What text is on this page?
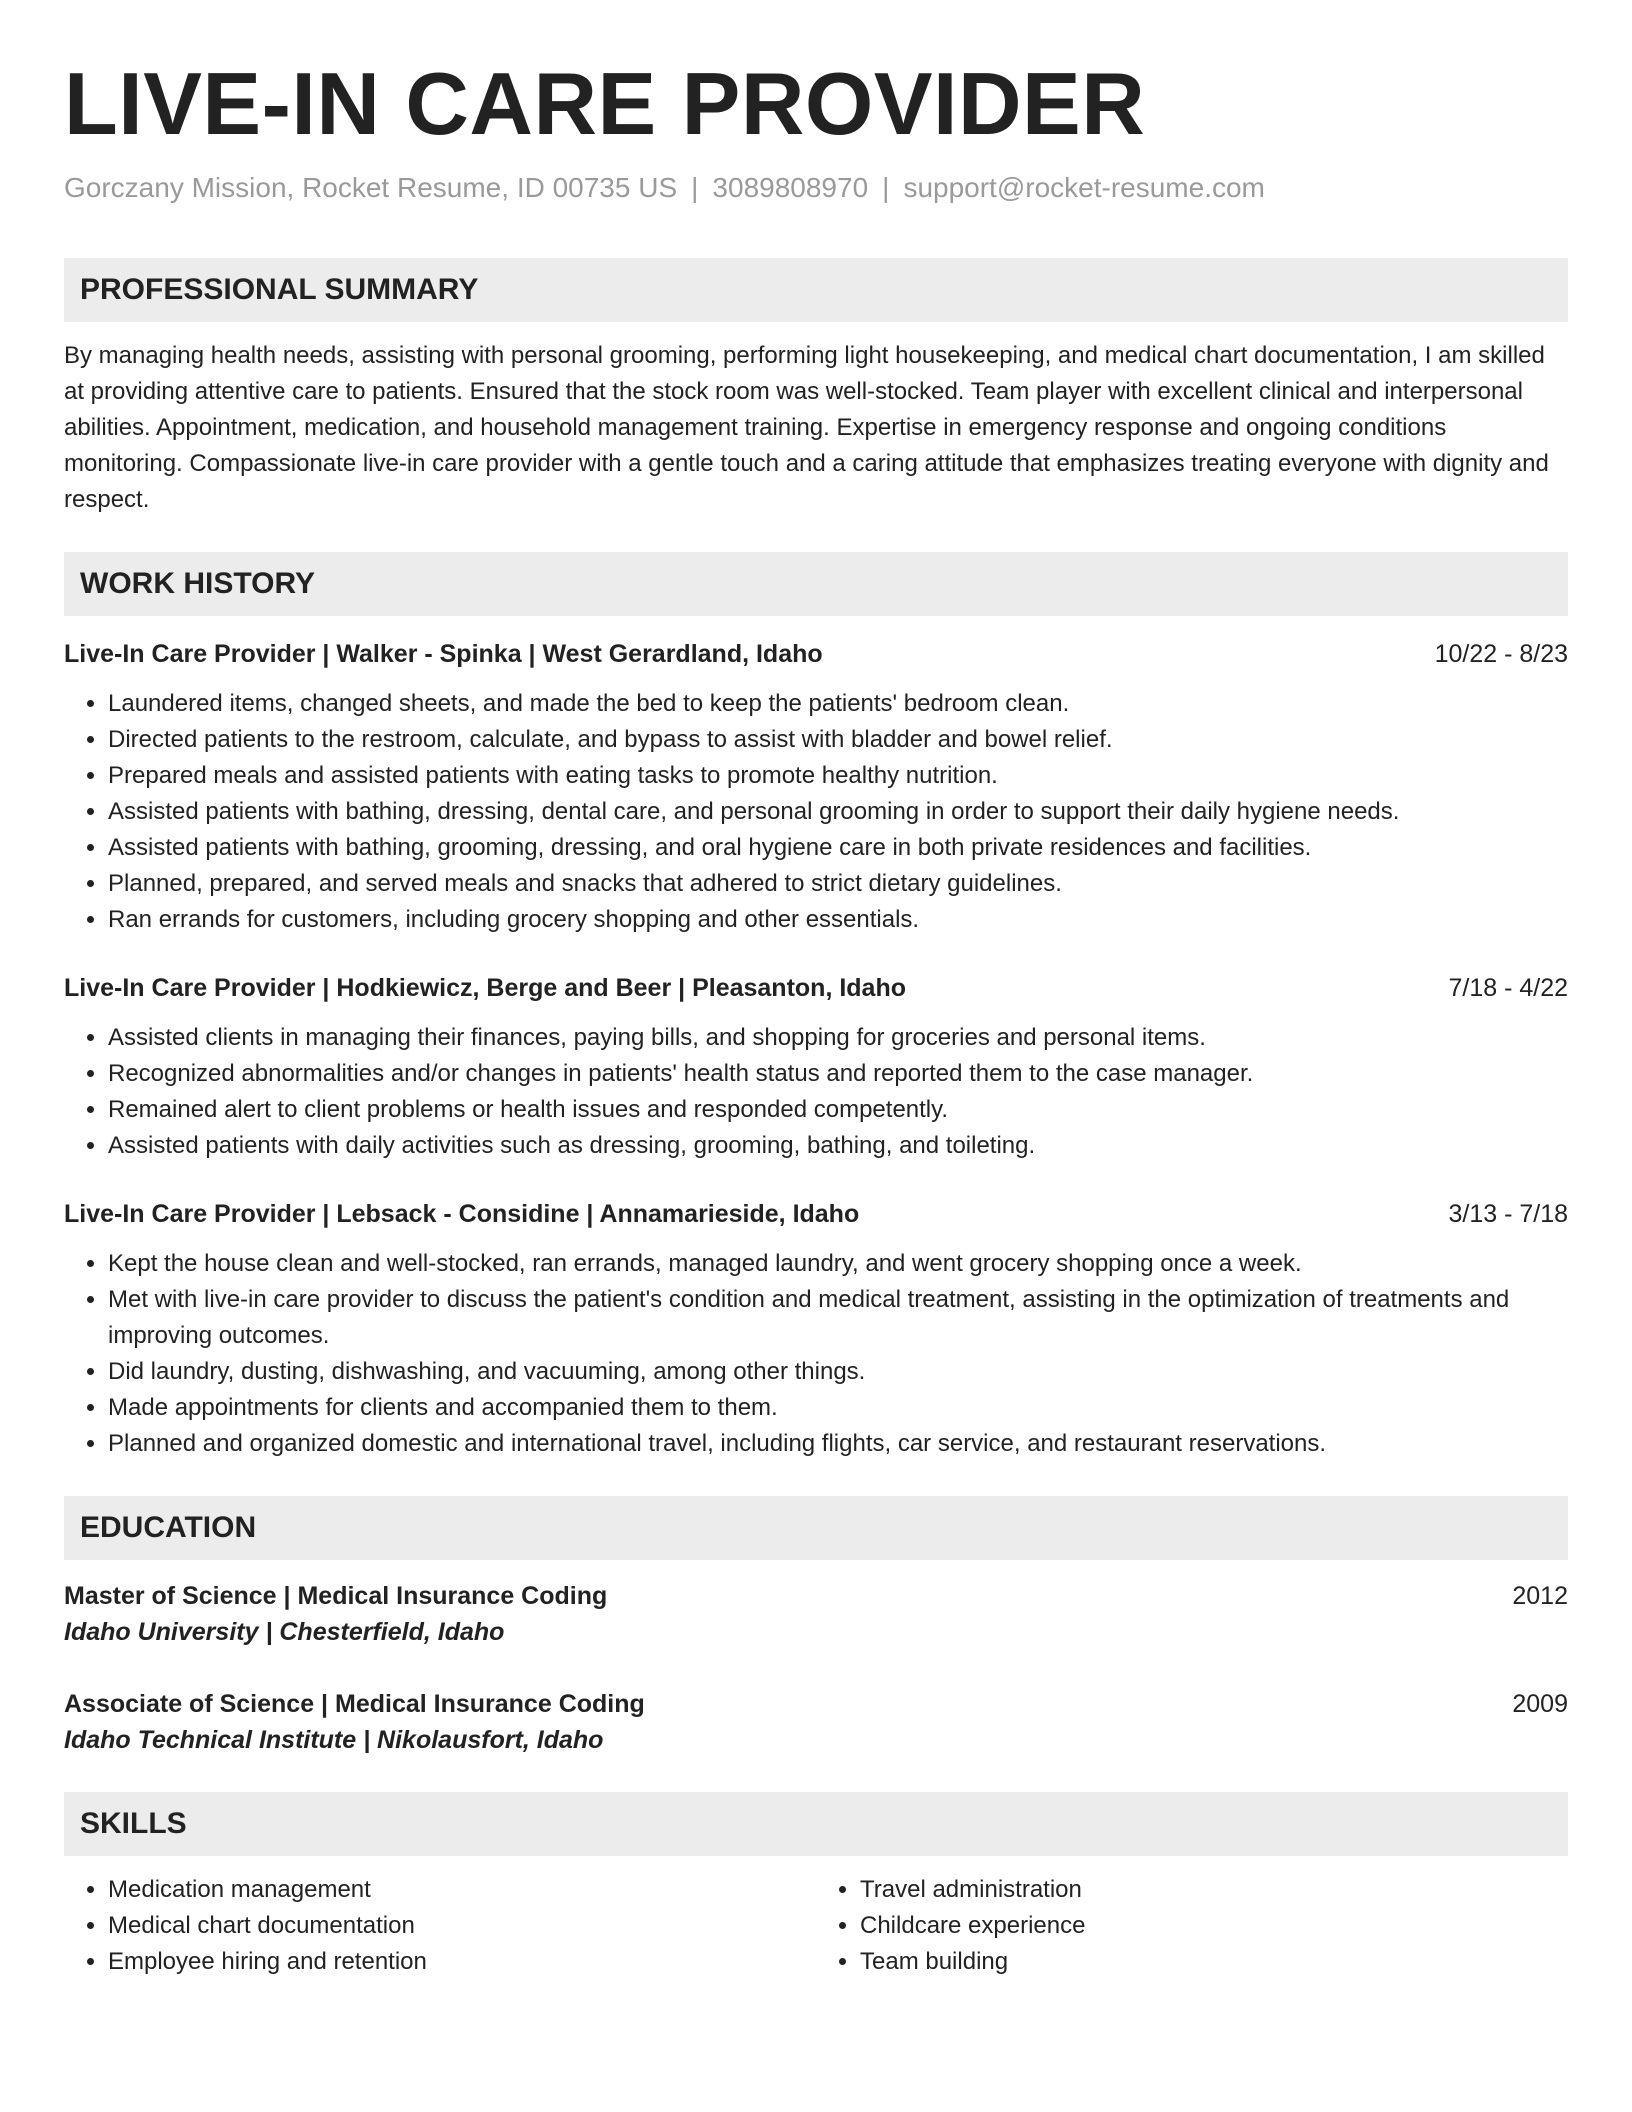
LIVE-IN CARE PROVIDER
Gorczany Mission, Rocket Resume, ID 00735 US | 3089808970 | support@rocket-resume.com
PROFESSIONAL SUMMARY

By managing health needs, assisting with personal grooming, performing light housekeeping, and medical chart documentation, I am skilled at providing attentive care to patients. Ensured that the stock room was well-stocked. Team player with excellent clinical and interpersonal abilities. Appointment, medication, and household management training. Expertise in emergency response and ongoing conditions monitoring. Compassionate live-in care provider with a gentle touch and a caring attitude that emphasizes treating everyone with dignity and respect.

WORK HISTORY
Live-In Care Provider | Walker - Spinka | West Gerardland, Idaho	10/22 - 8/23
• Laundered items, changed sheets, and made the bed to keep the patients' bedroom clean.
• Directed patients to the restroom, calculate, and bypass to assist with bladder and bowel relief.
• Prepared meals and assisted patients with eating tasks to promote healthy nutrition.
• Assisted patients with bathing, dressing, dental care, and personal grooming in order to support their daily hygiene needs.
• Assisted patients with bathing, grooming, dressing, and oral hygiene care in both private residences and facilities.
• Planned, prepared, and served meals and snacks that adhered to strict dietary guidelines.
• Ran errands for customers, including grocery shopping and other essentials.
Live-In Care Provider | Hodkiewicz, Berge and Beer | Pleasanton, Idaho	7/18 - 4/22
• Assisted clients in managing their finances, paying bills, and shopping for groceries and personal items.
• Recognized abnormalities and/or changes in patients' health status and reported them to the case manager.
• Remained alert to client problems or health issues and responded competently.
• Assisted patients with daily activities such as dressing, grooming, bathing, and toileting.
Live-In Care Provider | Lebsack - Considine | Annamarieside, Idaho	3/13 - 7/18
• Kept the house clean and well-stocked, ran errands, managed laundry, and went grocery shopping once a week.
• Met with live-in care provider to discuss the patient's condition and medical treatment, assisting in the optimization of treatments and improving outcomes.
• Did laundry, dusting, dishwashing, and vacuuming, among other things.
• Made appointments for clients and accompanied them to them.
• Planned and organized domestic and international travel, including flights, car service, and restaurant reservations.
EDUCATION
Master of Science | Medical Insurance Coding	2012
Idaho University | Chesterfield, Idaho
Associate of Science | Medical Insurance Coding	2009
Idaho Technical Institute | Nikolausfort, Idaho
SKILLS
• Medication management
• Medical chart documentation
• Employee hiring and retention
• Travel administration
• Childcare experience
• Team building
